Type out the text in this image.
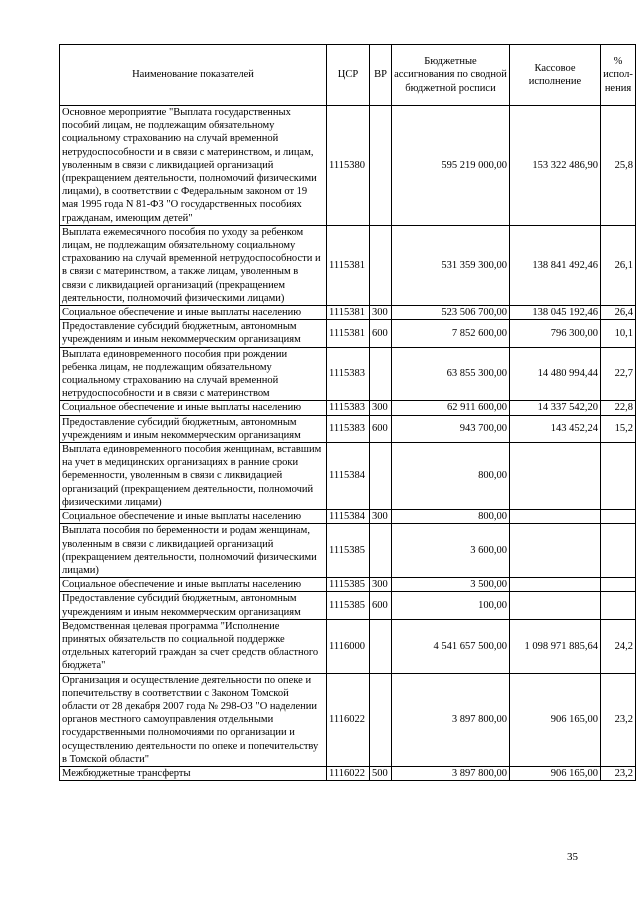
Наименование показателей	ЦСР	ВР	Бюджетные ассигнования по сводной бюджетной росписи	Кассовое исполнение	% испол-нения
Основное мероприятие "Выплата государственных пособий лицам, не подлежащим обязательному социальному страхованию на случай временной нетрудоспособности и в связи с материнством, и лицам, уволенным в связи с ликвидацией организаций (прекращением деятельности, полномочий физическими лицами), в соответствии с Федеральным законом от 19 мая 1995 года N 81-ФЗ "О государственных пособиях гражданам, имеющим детей"	1115380		595 219 000,00	153 322 486,90	25,8
Выплата ежемесячного пособия по уходу за ребенком лицам, не подлежащим обязательному социальному страхованию на случай временной нетрудоспособности и в связи с материнством, а также лицам, уволенным в связи с ликвидацией организаций (прекращением деятельности, полномочий физическими лицами)	1115381		531 359 300,00	138 841 492,46	26,1
Социальное обеспечение и иные выплаты населению	1115381	300	523 506 700,00	138 045 192,46	26,4
Предоставление субсидий бюджетным, автономным учреждениям и иным некоммерческим организациям	1115381	600	7 852 600,00	796 300,00	10,1
Выплата единовременного пособия при рождении ребенка лицам, не подлежащим обязательному социальному страхованию на случай временной нетрудоспособности и в связи с материнством	1115383		63 855 300,00	14 480 994,44	22,7
Социальное обеспечение и иные выплаты населению	1115383	300	62 911 600,00	14 337 542,20	22,8
Предоставление субсидий бюджетным, автономным учреждениям и иным некоммерческим организациям	1115383	600	943 700,00	143 452,24	15,2
Выплата единовременного пособия женщинам, вставшим на учет в медицинских организациях в ранние сроки беременности, уволенным в связи с ликвидацией организаций (прекращением деятельности, полномочий физическими лицами)	1115384		800,00		
Социальное обеспечение и иные выплаты населению	1115384	300	800,00		
Выплата пособия по беременности и родам женщинам, уволенным в связи с ликвидацией организаций (прекращением деятельности, полномочий физическими лицами)	1115385		3 600,00		
Социальное обеспечение и иные выплаты населению	1115385	300	3 500,00		
Предоставление субсидий бюджетным, автономным учреждениям и иным некоммерческим организациям	1115385	600	100,00		
Ведомственная целевая программа "Исполнение принятых обязательств по социальной поддержке отдельных категорий граждан за счет средств областного бюджета"	1116000		4 541 657 500,00	1 098 971 885,64	24,2
Организация и осуществление деятельности по опеке и попечительству в соответствии с Законом Томской области от 28 декабря 2007 года № 298-ОЗ "О наделении органов местного самоуправления отдельными государственными полномочиями по организации и осуществлению деятельности по опеке и попечительству в Томской области"	1116022		3 897 800,00	906 165,00	23,2
Межбюджетные трансферты	1116022	500	3 897 800,00	906 165,00	23,2
35
